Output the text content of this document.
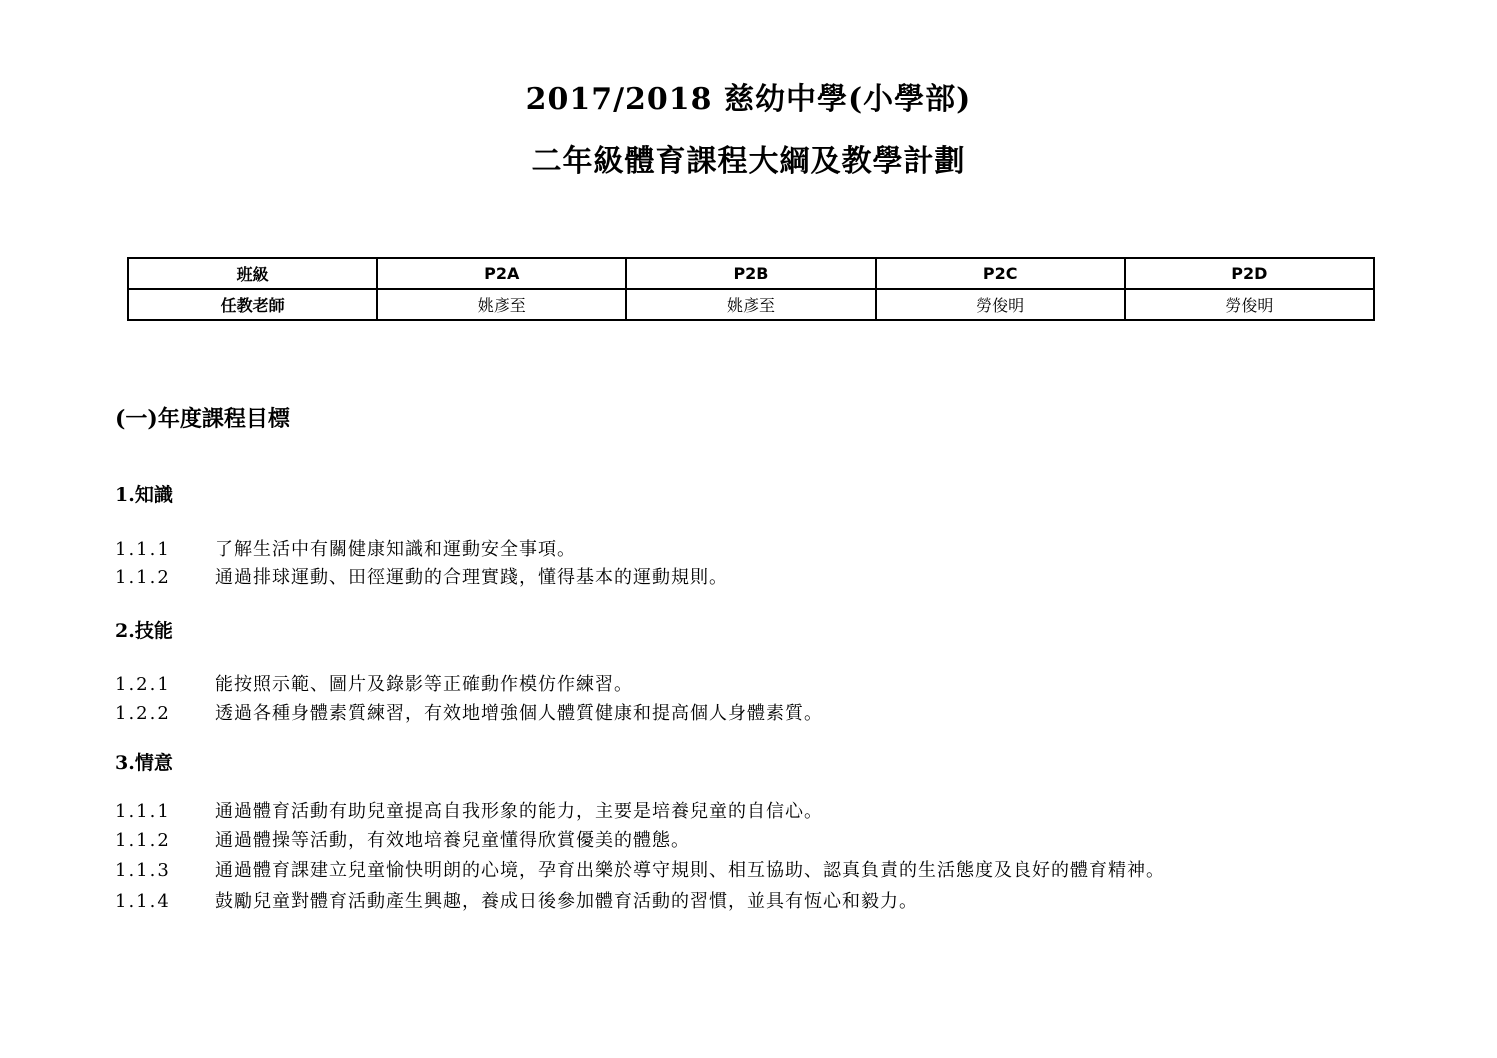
2017/2018 慈幼中學(小學部)
二年級體育課程大綱及教學計劃
班級	P2A	P2B	P2C	P2D
任教老師	姚彥至	姚彥至	勞俊明	勞俊明
(一)年度課程目標
1.知識
1.1.1 了解生活中有關健康知識和運動安全事項。
1.1.2 通過排球運動、田徑運動的合理實踐，懂得基本的運動規則。
2.技能
1.2.1 能按照示範、圖片及錄影等正確動作模仿作練習。
1.2.2 透過各種身體素質練習，有效地增強個人體質健康和提高個人身體素質。
3.情意
1.1.1 通過體育活動有助兒童提高自我形象的能力，主要是培養兒童的自信心。
1.1.2 通過體操等活動，有效地培養兒童懂得欣賞優美的體態。
1.1.3 通過體育課建立兒童愉快明朗的心境，孕育出樂於導守規則、相互協助、認真負責的生活態度及良好的體育精神。
1.1.4 鼓勵兒童對體育活動產生興趣，養成日後參加體育活動的習慣，並具有恆心和毅力。
